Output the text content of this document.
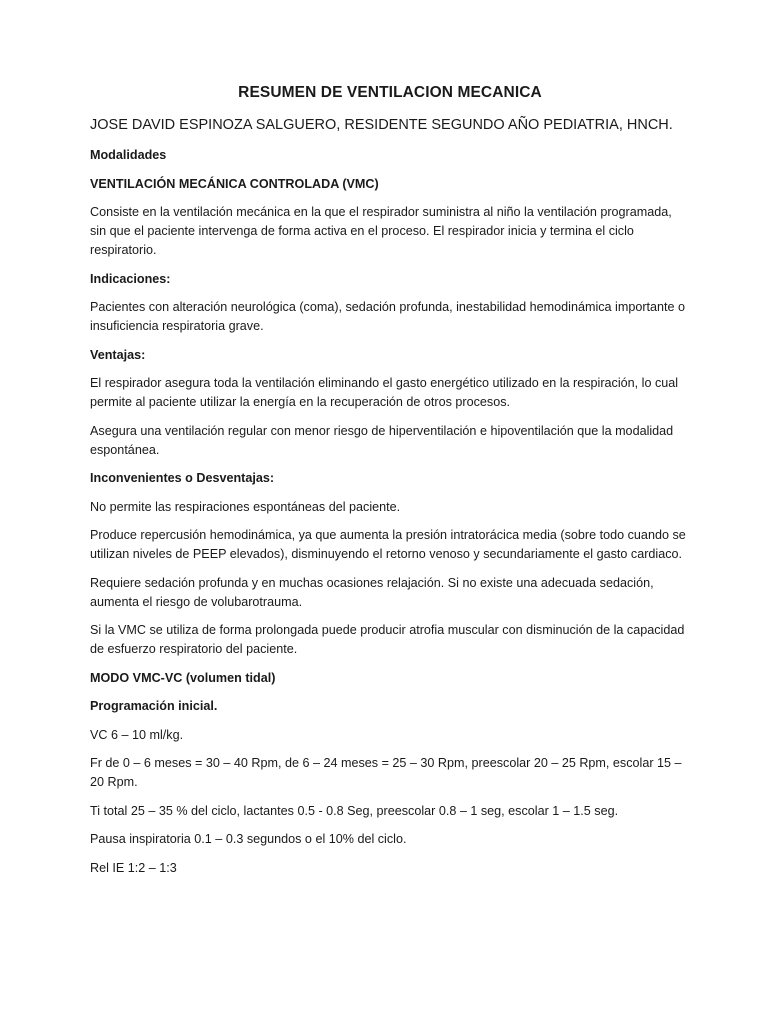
RESUMEN DE VENTILACION MECANICA
JOSE DAVID ESPINOZA SALGUERO, RESIDENTE SEGUNDO AÑO PEDIATRIA, HNCH.

Modalidades

VENTILACIÓN MECÁNICA CONTROLADA (VMC)

Consiste en la ventilación mecánica en la que el respirador suministra al niño la ventilación programada, sin que el paciente intervenga de forma activa en el proceso. El respirador inicia y termina el ciclo respiratorio.

Indicaciones:

Pacientes con alteración neurológica (coma), sedación profunda, inestabilidad hemodinámica importante o insuficiencia respiratoria grave.

Ventajas:

El respirador asegura toda la ventilación eliminando el gasto energético utilizado en la respiración, lo cual permite al paciente utilizar la energía en la recuperación de otros procesos.

Asegura una ventilación regular con menor riesgo de hiperventilación e hipoventilación que la modalidad espontánea.

Inconvenientes o Desventajas:

No permite las respiraciones espontáneas del paciente.

Produce repercusión hemodinámica, ya que aumenta la presión intratorácica media (sobre todo cuando se utilizan niveles de PEEP elevados), disminuyendo el retorno venoso y secundariamente el gasto cardiaco.

Requiere sedación profunda y en muchas ocasiones relajación. Si no existe una adecuada sedación, aumenta el riesgo de volubarotrauma.

Si la VMC se utiliza de forma prolongada puede producir atrofia muscular con disminución de la capacidad de esfuerzo respiratorio del paciente.

MODO VMC-VC (volumen tidal)

Programación inicial.

VC 6 – 10 ml/kg.

Fr de 0 – 6 meses = 30 – 40 Rpm, de 6 – 24 meses = 25 – 30 Rpm, preescolar 20 – 25 Rpm, escolar 15 – 20 Rpm.

Ti total 25 – 35 % del ciclo, lactantes 0.5 - 0.8 Seg, preescolar 0.8 – 1 seg, escolar 1 – 1.5 seg.

Pausa inspiratoria 0.1 – 0.3 segundos o el 10% del ciclo.

Rel IE 1:2 – 1:3
